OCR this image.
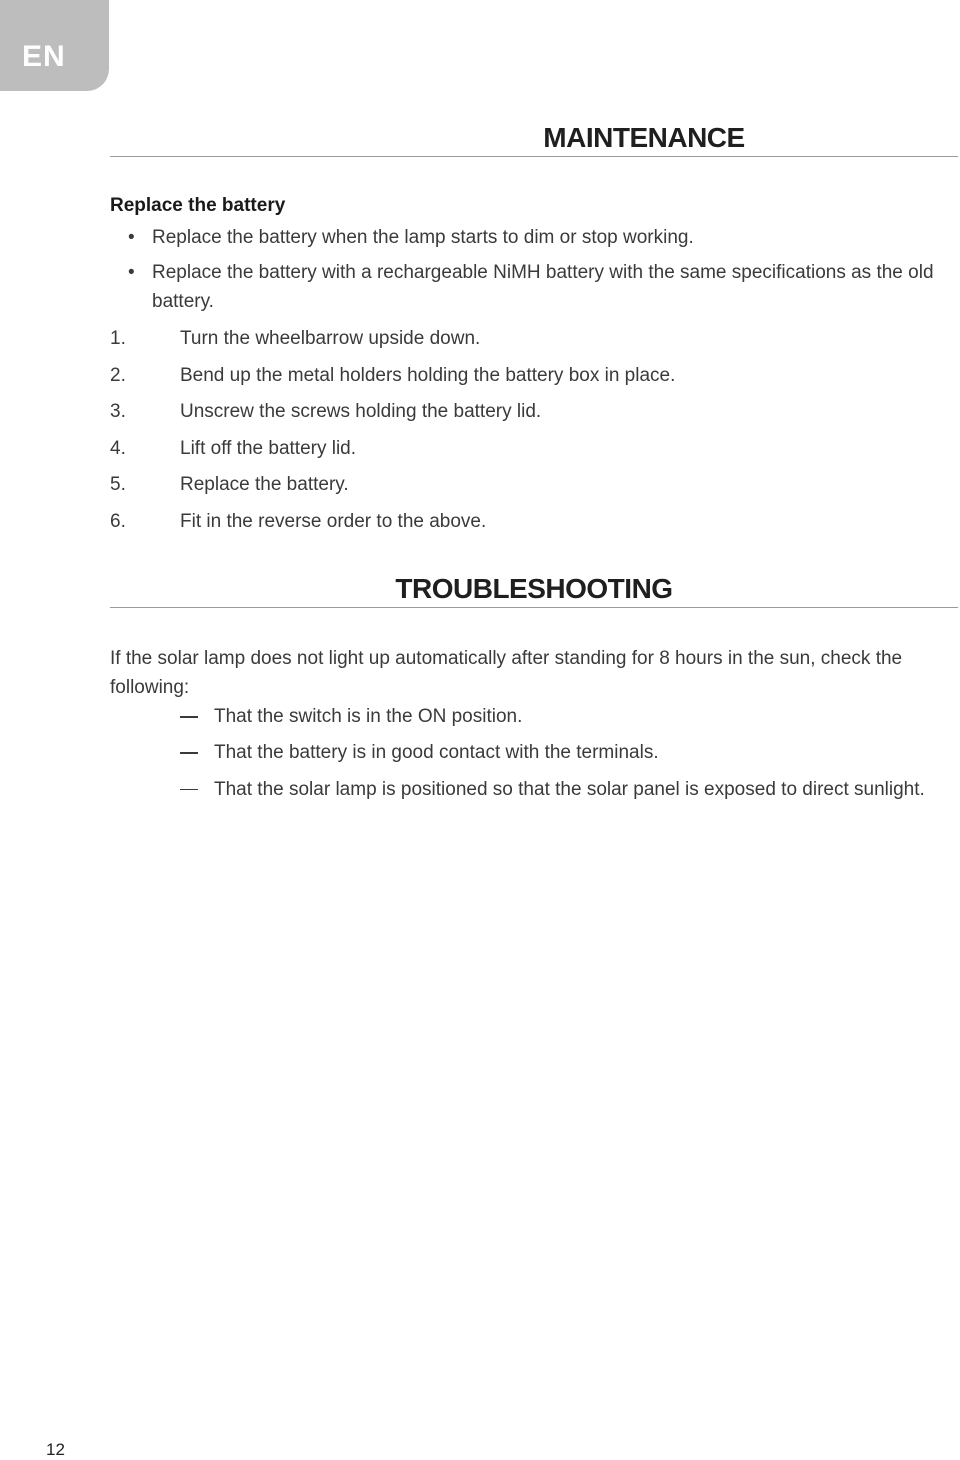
EN
MAINTENANCE
Replace the battery
• Replace the battery when the lamp starts to dim or stop working.
• Replace the battery with a rechargeable NiMH battery with the same specifications as the old battery.
1.	Turn the wheelbarrow upside down.
2.	Bend up the metal holders holding the battery box in place.
3.	Unscrew the screws holding the battery lid.
4.	Lift off the battery lid.
5.	Replace the battery.
6.	Fit in the reverse order to the above.
TROUBLESHOOTING
If the solar lamp does not light up automatically after standing for 8 hours in the sun, check the following:
That the switch is in the ON position.
That the battery is in good contact with the terminals.
That the solar lamp is positioned so that the solar panel is exposed to direct sunlight.
12
